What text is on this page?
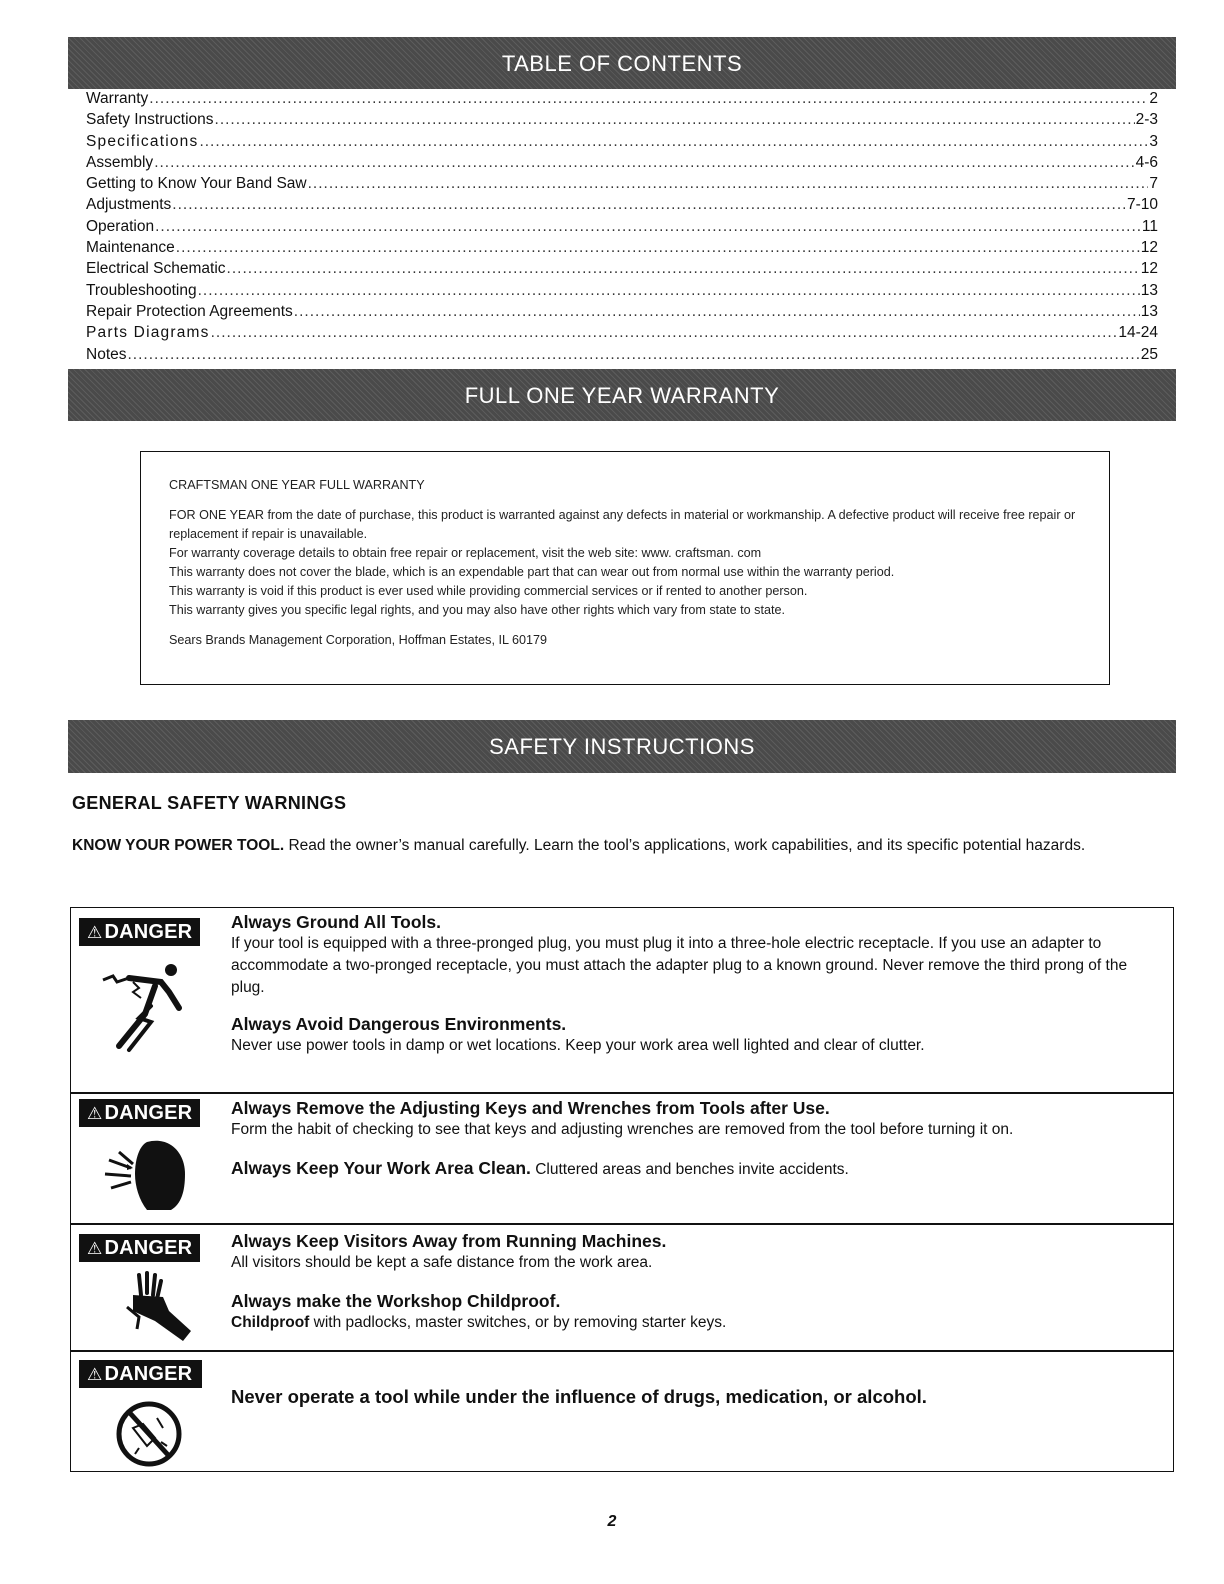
TABLE OF CONTENTS
Warranty .....	2
Safety Instructions .....	2-3
Specifications .....	3
Assembly .....	4-6
Getting to Know Your Band Saw .....	7
Adjustments .....	7-10
Operation .....	11
Maintenance .....	12
Electrical Schematic .....	12
Troubleshooting .....	13
Repair Protection Agreements .....	13
Parts Diagrams .....	14-24
Notes .....	25
FULL ONE YEAR WARRANTY
CRAFTSMAN ONE YEAR FULL WARRANTY
FOR ONE YEAR from the date of purchase, this product is warranted against any defects in material or workmanship. A defective product will receive free repair or replacement if repair is unavailable.
For warranty coverage details to obtain free repair or replacement, visit the web site: www. craftsman. com
This warranty does not cover the blade, which is an expendable part that can wear out from normal use within the warranty period.
This warranty is void if this product is ever used while providing commercial services or if rented to another person.
This warranty gives you specific legal rights, and you may also have other rights which vary from state to state.
Sears Brands Management Corporation, Hoffman Estates, IL 60179
SAFETY INSTRUCTIONS
GENERAL SAFETY WARNINGS
KNOW YOUR POWER TOOL. Read the owner’s manual carefully. Learn the tool’s applications, work capabilities, and its specific potential hazards.
⚠ DANGER	Always Ground All Tools.
If your tool is equipped with a three-pronged plug, you must plug it into a three-hole electric receptacle. If you use an adapter to accommodate a two-pronged receptacle, you must attach the adapter plug to a known ground. Never remove the third prong of the plug.
Always Avoid Dangerous Environments.
Never use power tools in damp or wet locations. Keep your work area well lighted and clear of clutter.
⚠ DANGER	Always Remove the Adjusting Keys and Wrenches from Tools after Use.
Form the habit of checking to see that keys and adjusting wrenches are removed from the tool before turning it on.
Always Keep Your Work Area Clean. Cluttered areas and benches invite accidents.
⚠ DANGER	Always Keep Visitors Away from Running Machines.
All visitors should be kept a safe distance from the work area.
Always make the Workshop Childproof.
Childproof with padlocks, master switches, or by removing starter keys.
⚠ DANGER
Never operate a tool while under the influence of drugs, medication, or alcohol.
2
